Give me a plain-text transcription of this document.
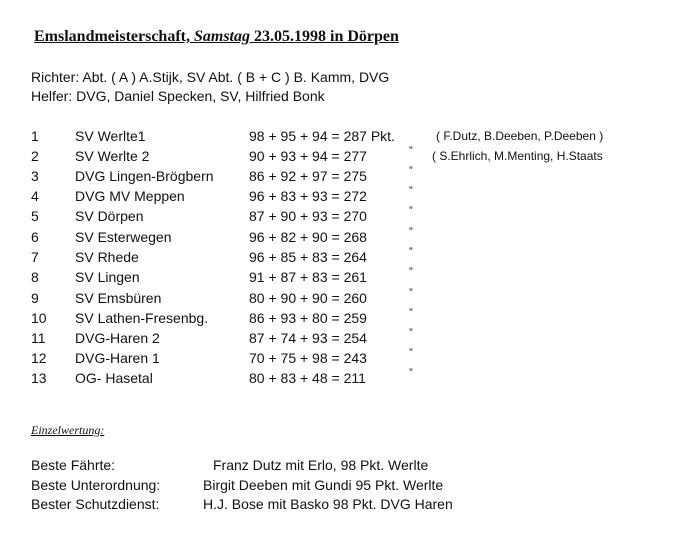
Emslandmeisterschaft, Samstag 23.05.1998 in Dörpen
Richter: Abt. ( A ) A.Stijk, SV Abt. ( B + C ) B. Kamm, DVG
Helfer: DVG, Daniel Specken, SV, Hilfried Bonk
1	SV Werlte1	98 + 95 + 94 = 287 Pkt.	( F.Dutz, B.Deeben, P.Deeben )
2	SV Werlte 2	90 + 93 + 94 = 277	” ( S.Ehrlich, M.Menting, H.Staats
3	DVG Lingen-Brögbern	86 + 92 + 97 = 275	”
4	DVG MV Meppen	96 + 83 + 93 = 272	”
5	SV Dörpen	87 + 90 + 93 = 270	”
6	SV Esterwegen	96 + 82 + 90 = 268	”
7	SV Rhede	96 + 85 + 83 = 264	”
8	SV Lingen	91 + 87 + 83 = 261	”
9	SV Emsbüren	80 + 90 + 90 = 260	”
10 SV Lathen-Fresenbg.	86 + 93 + 80 = 259	”
11 DVG-Haren 2	87 + 74 + 93 = 254	”
12 DVG-Haren 1	70 + 75 + 98 = 243	”
13 OG- Hasetal	80 + 83 + 48 = 211	”
Einzelwertung:
Beste Fährte:	Franz Dutz mit Erlo, 98 Pkt. Werlte
Beste Unterordnung:	Birgit Deeben mit Gundi 95 Pkt. Werlte
Bester Schutzdienst:	H.J. Bose mit Basko 98 Pkt. DVG Haren
